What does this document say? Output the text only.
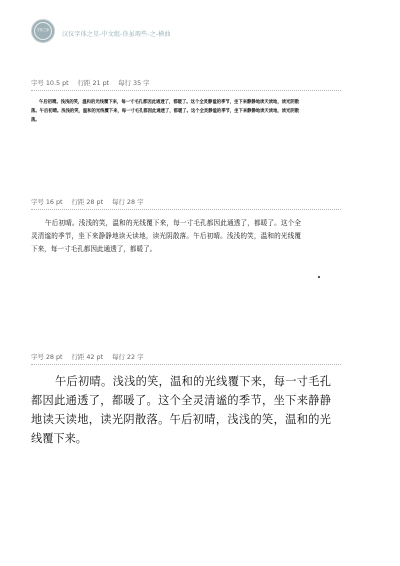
字体之家
汉仪字体之星-中文组-你虽瑕些-之-横曲
字号 10.5 pt 行距 21 pt 每行 35 字
午后初晴。浅浅的笑，温和的光线覆下来，每一寸毛孔都因此通透了，都暖了。这个全灵静谧的季节，坐下来静静地读天读地，读光阴散落。午后初晴。浅浅的笑，温和的光线覆下来，每一寸毛孔都因此通透了，都暖了。这个全灵静谧的季节，坐下来静静地读天读地，读光阴散落。
字号 16 pt 行距 28 pt 每行 28 字
午后初晴。浅浅的笑，温和的光线覆下来，每一寸毛孔都因此通透了，都暖了。这个全灵清谧的季节，坐下来静静地读天读地，读光阴散落。午后初晴。浅浅的笑，温和的光线覆下来，每一寸毛孔都因此通透了，都暖了。
字号 28 pt 行距 42 pt 每行 22 字
午后初晴。浅浅的笑，温和的光线覆下来，每一寸毛孔都因此通透了，都暖了。这个全灵清谧的季节，坐下来静静地读天读地，读光阴散落。午后初晴，浅浅的笑，温和的光线覆下来。
